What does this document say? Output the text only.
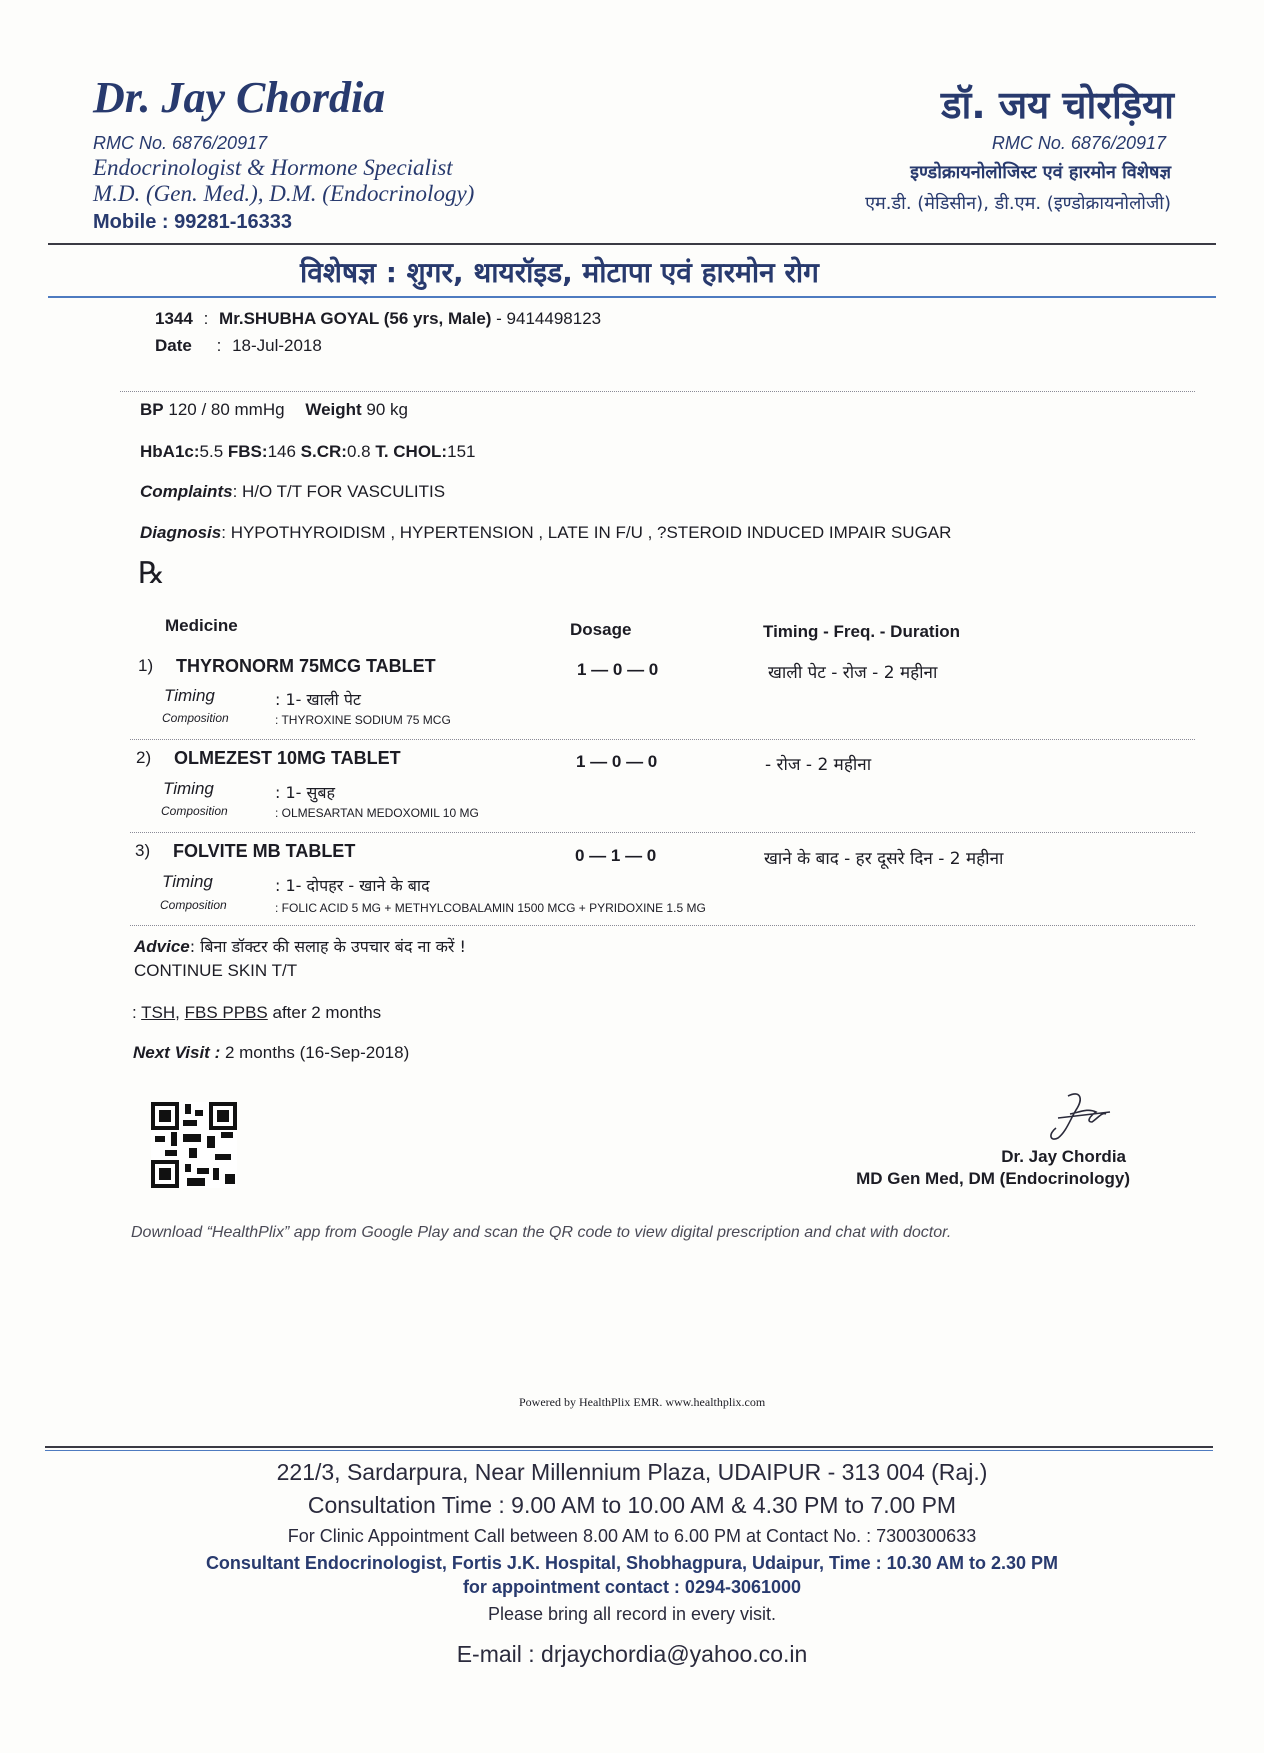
Dr. Jay Chordia
RMC No. 6876/20917
Endocrinologist & Hormone Specialist
M.D. (Gen. Med.), D.M. (Endocrinology)
Mobile : 99281-16333
डॉ. जय चोरड़िया
RMC No. 6876/20917
इण्डोक्रायनोलोजिस्ट एवं हारमोन विशेषज्ञ
एम.डी. (मेडिसीन), डी.एम. (इण्डोक्रायनोलोजी)
विशेषज्ञ : शुगर, थायरॉइड, मोटापा एवं हारमोन रोग
1344 : Mr.SHUBHA GOYAL (56 yrs, Male) - 9414498123
Date : 18-Jul-2018
BP 120 / 80 mmHg Weight 90 kg
HbA1c:5.5 FBS:146 S.CR:0.8 T. CHOL:151
Complaints: H/O T/T FOR VASCULITIS
Diagnosis: HYPOTHYROIDISM , HYPERTENSION , LATE IN F/U , ?STEROID INDUCED IMPAIR SUGAR
℞
Medicine	Dosage	Timing - Freq. - Duration
1) THYRONORM 75MCG TABLET	1 — 0 — 0	खाली पेट - रोज - 2 महीना
Timing	: 1- खाली पेट
Composition	: THYROXINE SODIUM 75 MCG
2) OLMEZEST 10MG TABLET	1 — 0 — 0	- रोज - 2 महीना
Timing	: 1- सुबह
Composition	: OLMESARTAN MEDOXOMIL 10 MG
3) FOLVITE MB TABLET	0 — 1 — 0	खाने के बाद - हर दूसरे दिन - 2 महीना
Timing	: 1- दोपहर - खाने के बाद
Composition	: FOLIC ACID 5 MG + METHYLCOBALAMIN 1500 MCG + PYRIDOXINE 1.5 MG
Advice: बिना डॉक्टर की सलाह के उपचार बंद ना करें !
CONTINUE SKIN T/T
: TSH, FBS PPBS after 2 months
Next Visit : 2 months (16-Sep-2018)
Dr. Jay Chordia
MD Gen Med, DM (Endocrinology)
Download “HealthPlix” app from Google Play and scan the QR code to view digital prescription and chat with doctor.
Powered by HealthPlix EMR. www.healthplix.com
221/3, Sardarpura, Near Millennium Plaza, UDAIPUR - 313 004 (Raj.)
Consultation Time : 9.00 AM to 10.00 AM & 4.30 PM to 7.00 PM
For Clinic Appointment Call between 8.00 AM to 6.00 PM at Contact No. : 7300300633
Consultant Endocrinologist, Fortis J.K. Hospital, Shobhagpura, Udaipur, Time : 10.30 AM to 2.30 PM
for appointment contact : 0294-3061000
Please bring all record in every visit.
E-mail : drjaychordia@yahoo.co.in
